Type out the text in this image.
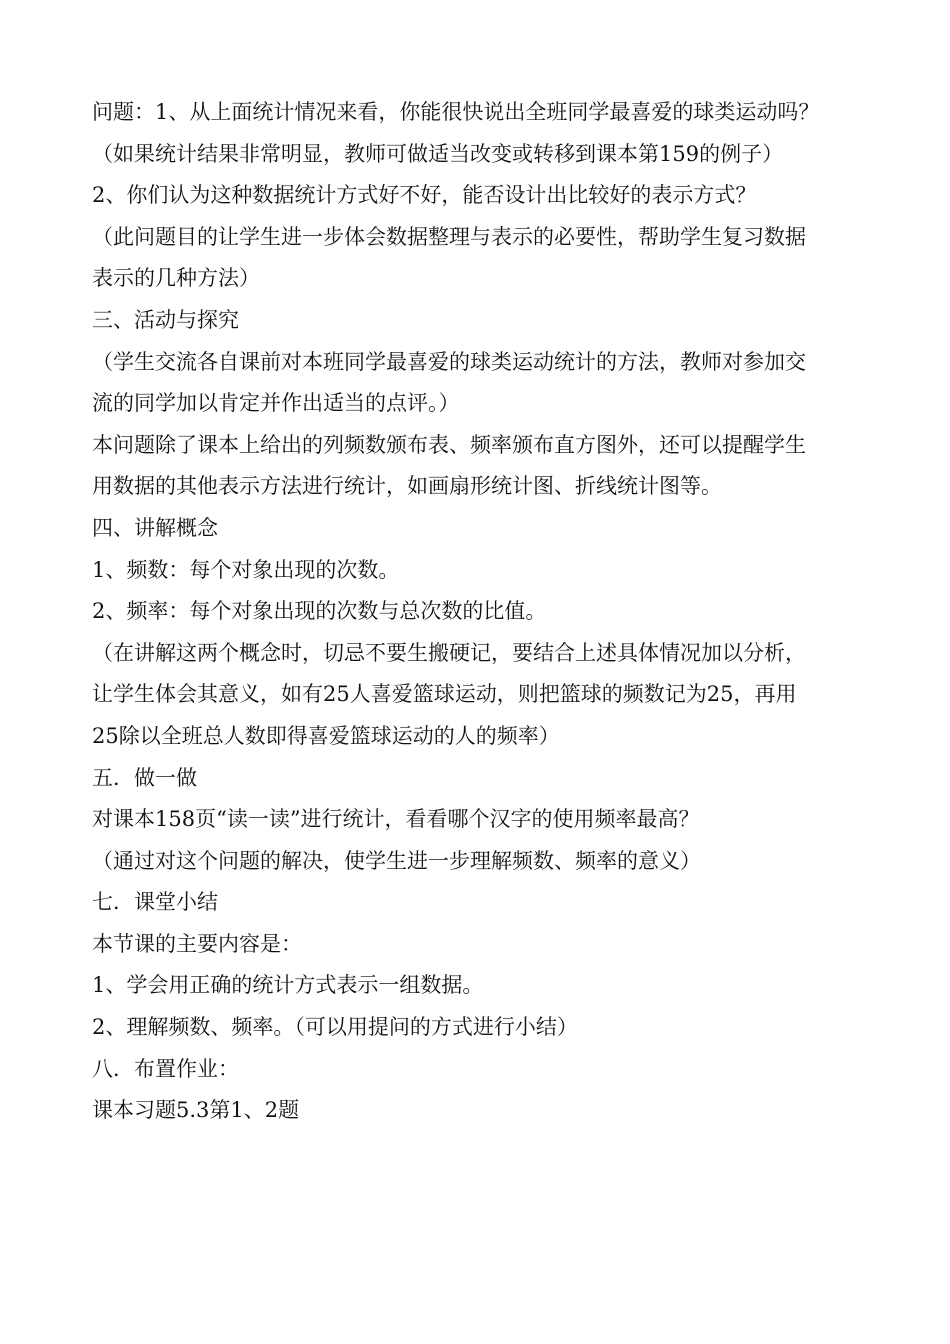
问题：1、从上面统计情况来看，你能很快说出全班同学最喜爱的球类运动吗？
（如果统计结果非常明显，教师可做适当改变或转移到课本第159的例子）
2、你们认为这种数据统计方式好不好，能否设计出比较好的表示方式？
（此问题目的让学生进一步体会数据整理与表示的必要性，帮助学生复习数据
表示的几种方法）
三、活动与探究
（学生交流各自课前对本班同学最喜爱的球类运动统计的方法，教师对参加交
流的同学加以肯定并作出适当的点评。）
本问题除了课本上给出的列频数颁布表、频率颁布直方图外，还可以提醒学生
用数据的其他表示方法进行统计，如画扇形统计图、折线统计图等。
四、讲解概念
1、频数：每个对象出现的次数。
2、频率：每个对象出现的次数与总次数的比值。
（在讲解这两个概念时，切忌不要生搬硬记，要结合上述具体情况加以分析，
让学生体会其意义，如有25人喜爱篮球运动，则把篮球的频数记为25，再用
25除以全班总人数即得喜爱篮球运动的人的频率）
五．做一做
对课本158页“读一读”进行统计，看看哪个汉字的使用频率最高？
（通过对这个问题的解决，使学生进一步理解频数、频率的意义）
七．课堂小结
本节课的主要内容是：
1、学会用正确的统计方式表示一组数据。
2、理解频数、频率。（可以用提问的方式进行小结）
八．布置作业：
课本习题5.3第1、2题
